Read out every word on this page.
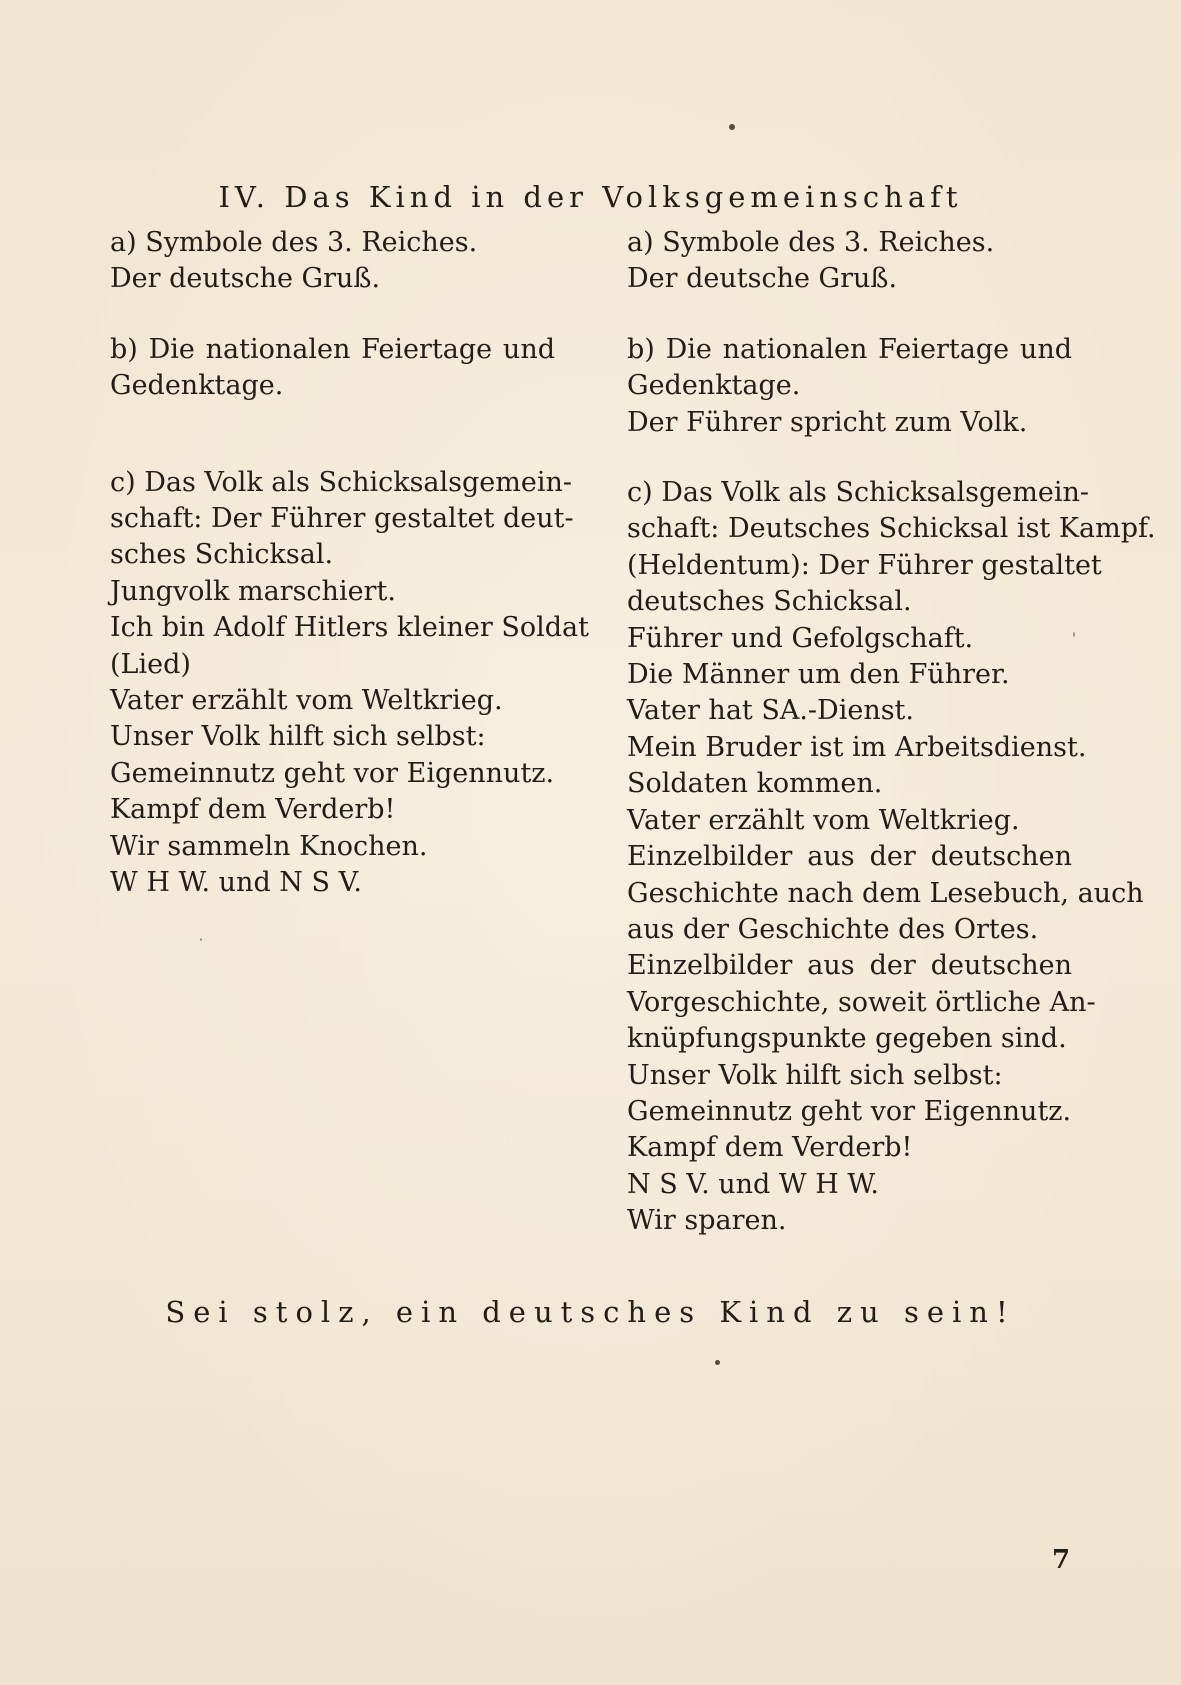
IV. Das Kind in der Volksgemeinschaft
a) Symbole des 3. Reiches.
Der deutsche Gruß.
b) Die nationalen Feiertage und
Gedenktage.
c) Das Volk als Schicksalsgemein-
schaft: Der Führer gestaltet deut-
sches Schicksal.
Jungvolk marschiert.
Ich bin Adolf Hitlers kleiner Soldat
(Lied)
Vater erzählt vom Weltkrieg.
Unser Volk hilft sich selbst:
Gemeinnutz geht vor Eigennutz.
Kampf dem Verderb!
Wir sammeln Knochen.
W H W. und N S V.
a) Symbole des 3. Reiches.
Der deutsche Gruß.
b) Die nationalen Feiertage und
Gedenktage.
Der Führer spricht zum Volk.
c) Das Volk als Schicksalsgemein-
schaft: Deutsches Schicksal ist Kampf.
(Heldentum): Der Führer gestaltet
deutsches Schicksal.
Führer und Gefolgschaft.
Die Männer um den Führer.
Vater hat SA.-Dienst.
Mein Bruder ist im Arbeitsdienst.
Soldaten kommen.
Vater erzählt vom Weltkrieg.
Einzelbilder aus der deutschen
Geschichte nach dem Lesebuch, auch
aus der Geschichte des Ortes.
Einzelbilder aus der deutschen
Vorgeschichte, soweit örtliche An-
knüpfungspunkte gegeben sind.
Unser Volk hilft sich selbst:
Gemeinnutz geht vor Eigennutz.
Kampf dem Verderb!
N S V. und W H W.
Wir sparen.
Sei stolz, ein deutsches Kind zu sein!
7
